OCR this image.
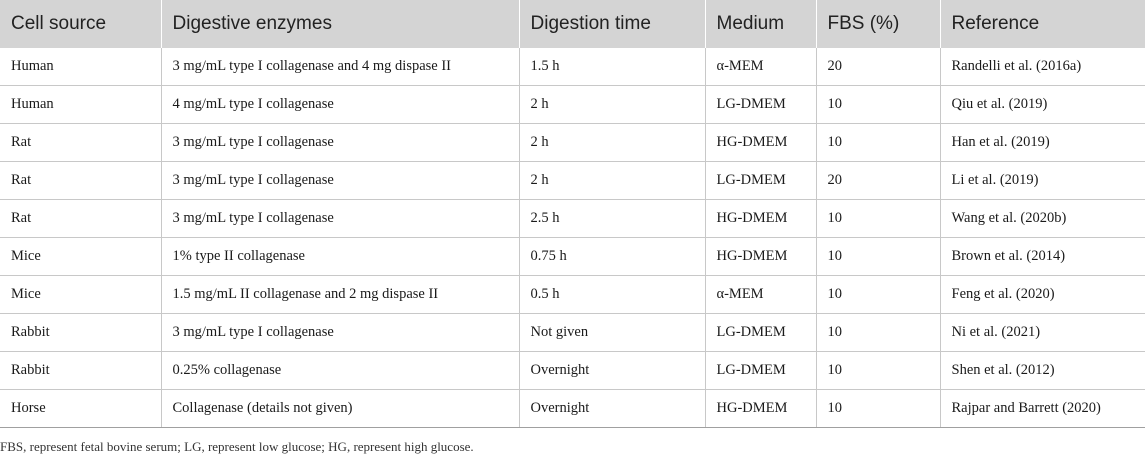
Cell source	Digestive enzymes	Digestion time	Medium	FBS (%)	Reference
Human	3 mg/mL type I collagenase and 4 mg dispase II	1.5 h	α-MEM	20	Randelli et al. (2016a)
Human	4 mg/mL type I collagenase	2 h	LG-DMEM	10	Qiu et al. (2019)
Rat	3 mg/mL type I collagenase	2 h	HG-DMEM	10	Han et al. (2019)
Rat	3 mg/mL type I collagenase	2 h	LG-DMEM	20	Li et al. (2019)
Rat	3 mg/mL type I collagenase	2.5 h	HG-DMEM	10	Wang et al. (2020b)
Mice	1% type II collagenase	0.75 h	HG-DMEM	10	Brown et al. (2014)
Mice	1.5 mg/mL II collagenase and 2 mg dispase II	0.5 h	α-MEM	10	Feng et al. (2020)
Rabbit	3 mg/mL type I collagenase	Not given	LG-DMEM	10	Ni et al. (2021)
Rabbit	0.25% collagenase	Overnight	LG-DMEM	10	Shen et al. (2012)
Horse	Collagenase (details not given)	Overnight	HG-DMEM	10	Rajpar and Barrett (2020)
FBS, represent fetal bovine serum; LG, represent low glucose; HG, represent high glucose.
